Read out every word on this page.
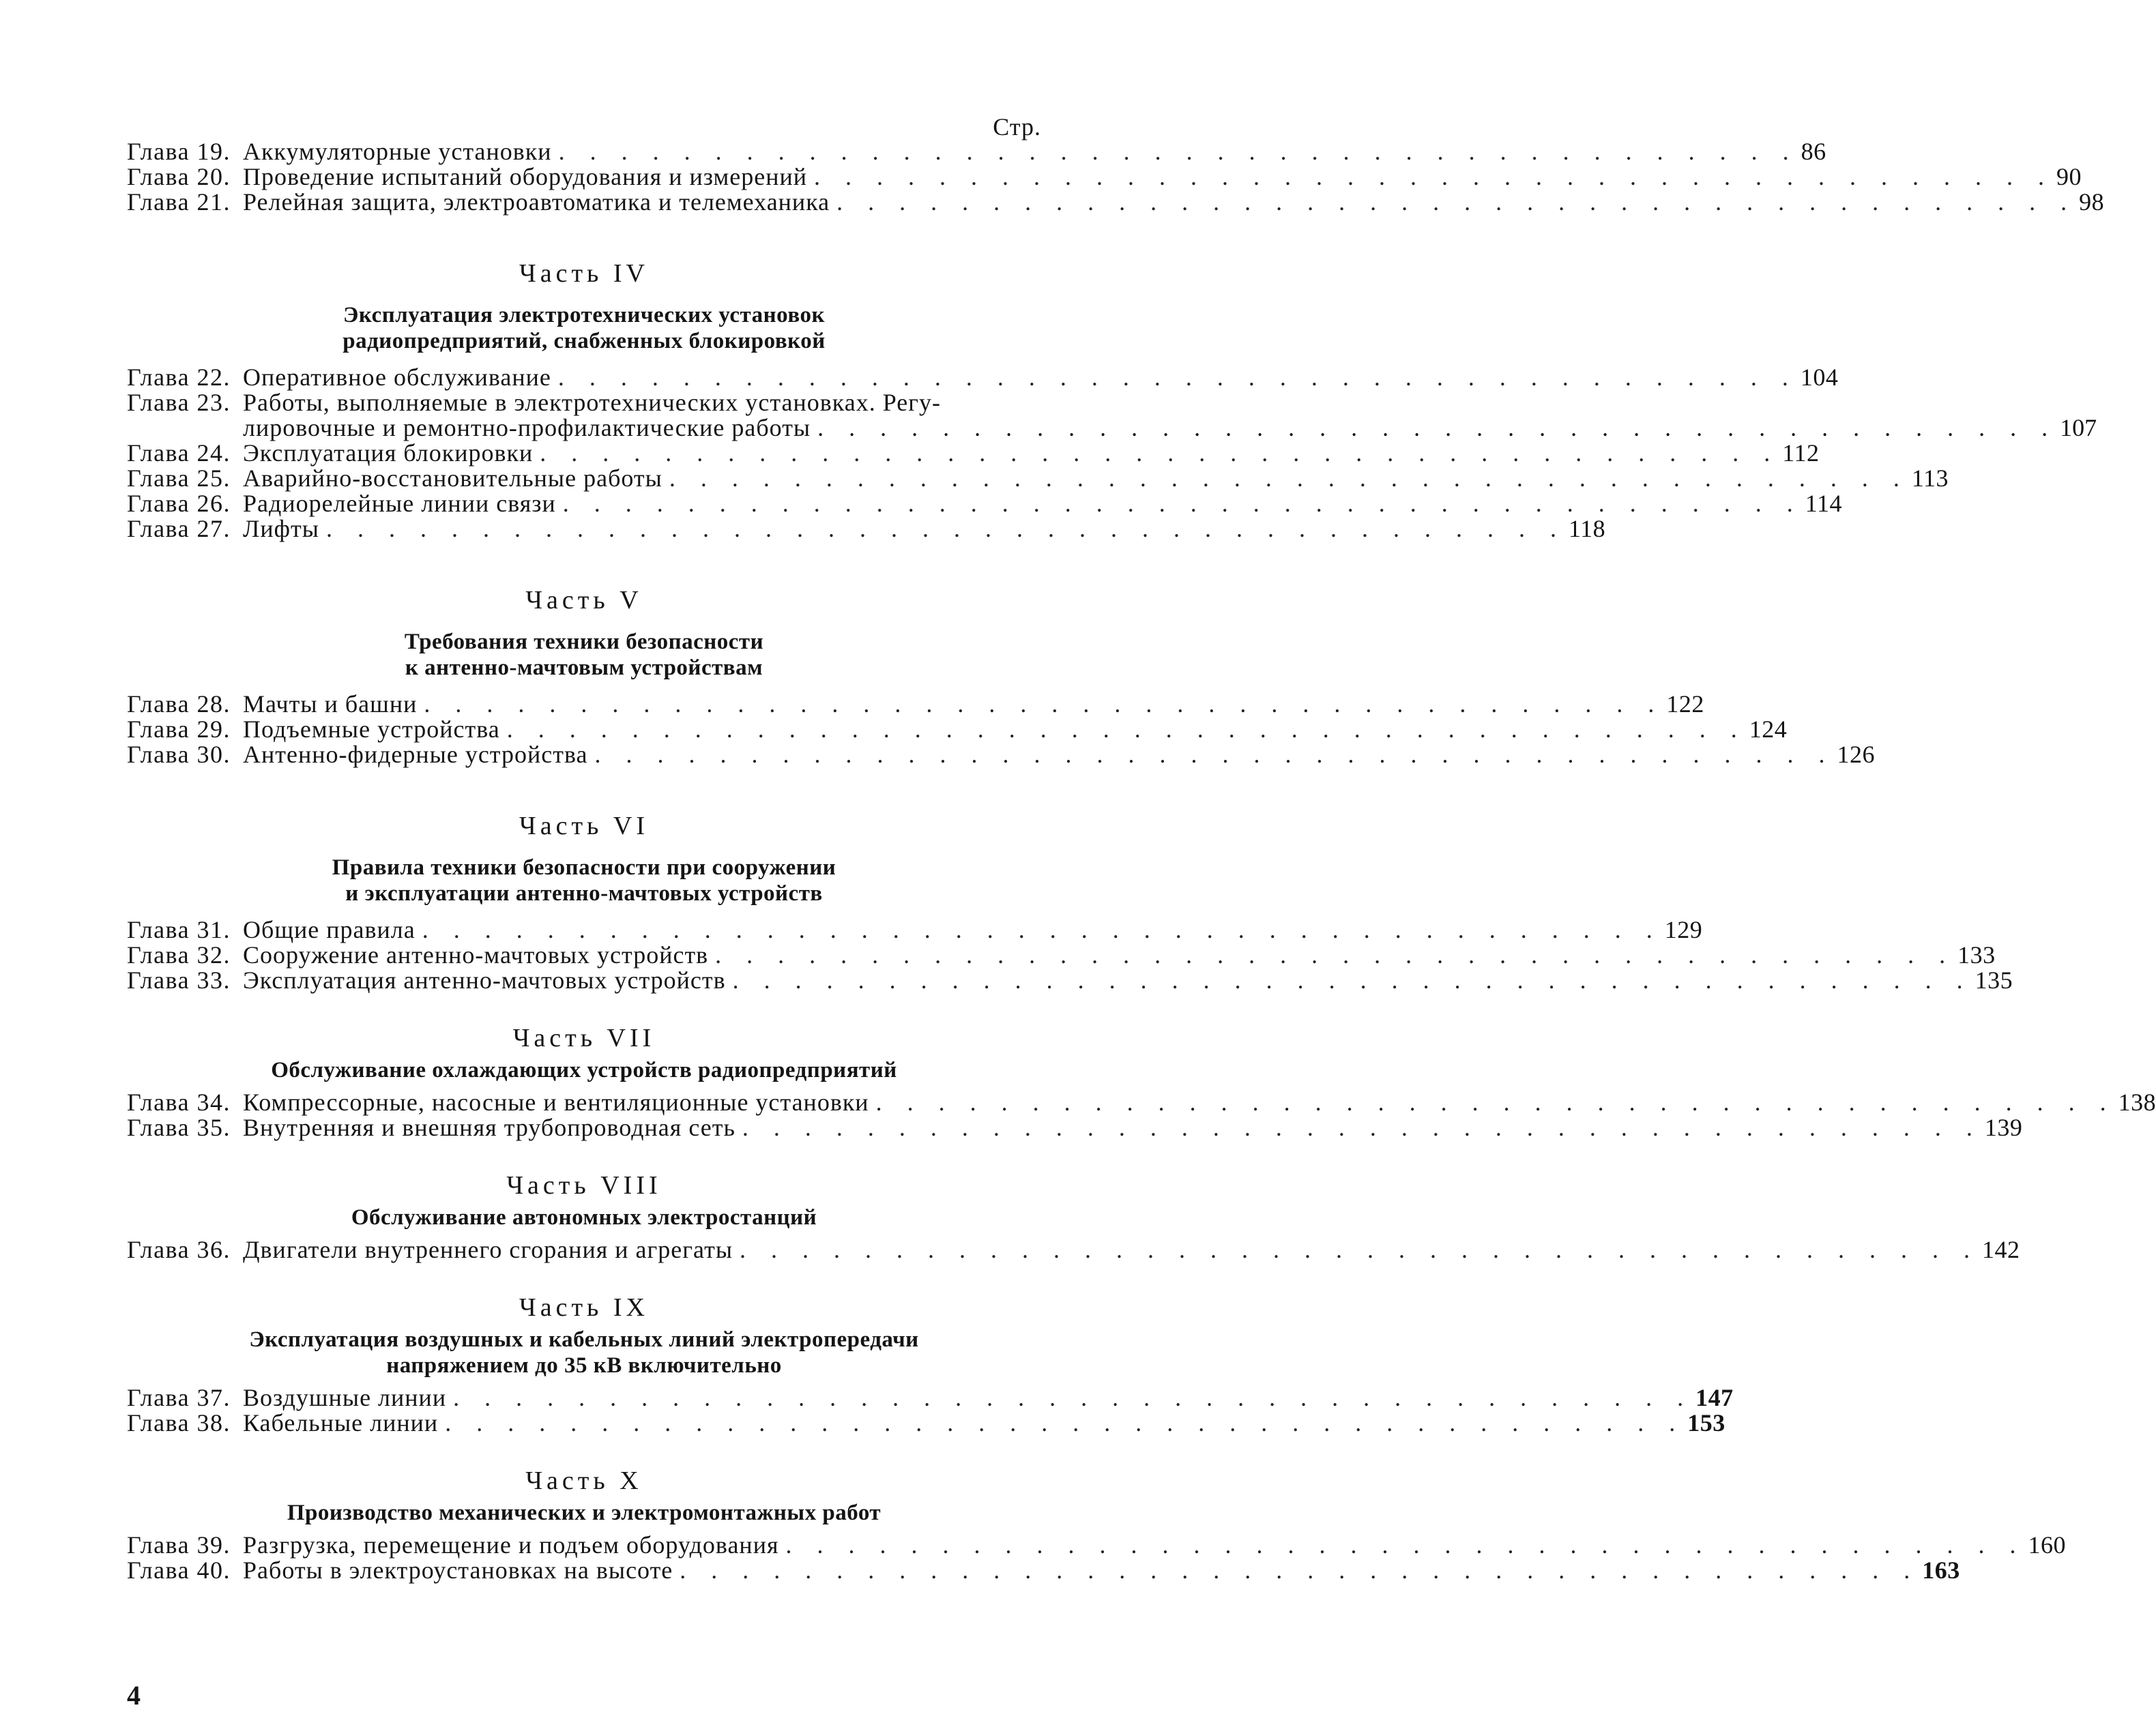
Стр.
Глава 19. Аккумуляторные установки . . . . . . . . . . . . . . . . . . . . . . . . . . . . . . . . . . . . . . . . 86
Глава 20. Проведение испытаний оборудования и измерений . . . . . . . . . . . . . . . . . . . . . . . . . . . . . . . . . . . . . . . . 90
Глава 21. Релейная защита, электроавтоматика и телемеханика . . . . . . . . . . . . . . . . . . . . . . . . . . . . . . . . . . . . . . . . 98
Часть IV
Эксплуатация электротехнических установок
радиопредприятий, снабженных блокировкой
Глава 22. Оперативное обслуживание . . . . . . . . . . . . . . . . . . . . . . . . . . . . . . . . . . . . . . . . 104
Глава 23. Работы, выполняемые в электротехнических установках. Регу-
лировочные и ремонтно-профилактические работы . . . . . . . . . . . . . . . . . . . . . . . . . . . . . . . . . . . . . . . . 107
Глава 24. Эксплуатация блокировки . . . . . . . . . . . . . . . . . . . . . . . . . . . . . . . . . . . . . . . . 112
Глава 25. Аварийно-восстановительные работы . . . . . . . . . . . . . . . . . . . . . . . . . . . . . . . . . . . . . . . . 113
Глава 26. Радиорелейные линии связи . . . . . . . . . . . . . . . . . . . . . . . . . . . . . . . . . . . . . . . . 114
Глава 27. Лифты . . . . . . . . . . . . . . . . . . . . . . . . . . . . . . . . . . . . . . . . 118
Часть V
Требования техники безопасности
к антенно-мачтовым устройствам
Глава 28. Мачты и башни . . . . . . . . . . . . . . . . . . . . . . . . . . . . . . . . . . . . . . . . 122
Глава 29. Подъемные устройства . . . . . . . . . . . . . . . . . . . . . . . . . . . . . . . . . . . . . . . . 124
Глава 30. Антенно-фидерные устройства . . . . . . . . . . . . . . . . . . . . . . . . . . . . . . . . . . . . . . . . 126
Часть VI
Правила техники безопасности при сооружении
и эксплуатации антенно-мачтовых устройств
Глава 31. Общие правила . . . . . . . . . . . . . . . . . . . . . . . . . . . . . . . . . . . . . . . . 129
Глава 32. Сооружение антенно-мачтовых устройств . . . . . . . . . . . . . . . . . . . . . . . . . . . . . . . . . . . . . . . . 133
Глава 33. Эксплуатация антенно-мачтовых устройств . . . . . . . . . . . . . . . . . . . . . . . . . . . . . . . . . . . . . . . . 135
Часть VII
Обслуживание охлаждающих устройств радиопредприятий
Глава 34. Компрессорные, насосные и вентиляционные установки . . . . . . . . . . . . . . . . . . . . . . . . . . . . . . . . . . . . . . . . 138
Глава 35. Внутренняя и внешняя трубопроводная сеть . . . . . . . . . . . . . . . . . . . . . . . . . . . . . . . . . . . . . . . . 139
Часть VIII
Обслуживание автономных электростанций
Глава 36. Двигатели внутреннего сгорания и агрегаты . . . . . . . . . . . . . . . . . . . . . . . . . . . . . . . . . . . . . . . . 142
Часть IX
Эксплуатация воздушных и кабельных линий электропередачи
напряжением до 35 кВ включительно
Глава 37. Воздушные линии . . . . . . . . . . . . . . . . . . . . . . . . . . . . . . . . . . . . . . . . 147
Глава 38. Кабельные линии . . . . . . . . . . . . . . . . . . . . . . . . . . . . . . . . . . . . . . . . 153
Часть X
Производство механических и электромонтажных работ
Глава 39. Разгрузка, перемещение и подъем оборудования . . . . . . . . . . . . . . . . . . . . . . . . . . . . . . . . . . . . . . . . 160
Глава 40. Работы в электроустановках на высоте . . . . . . . . . . . . . . . . . . . . . . . . . . . . . . . . . . . . . . . . 163
4
